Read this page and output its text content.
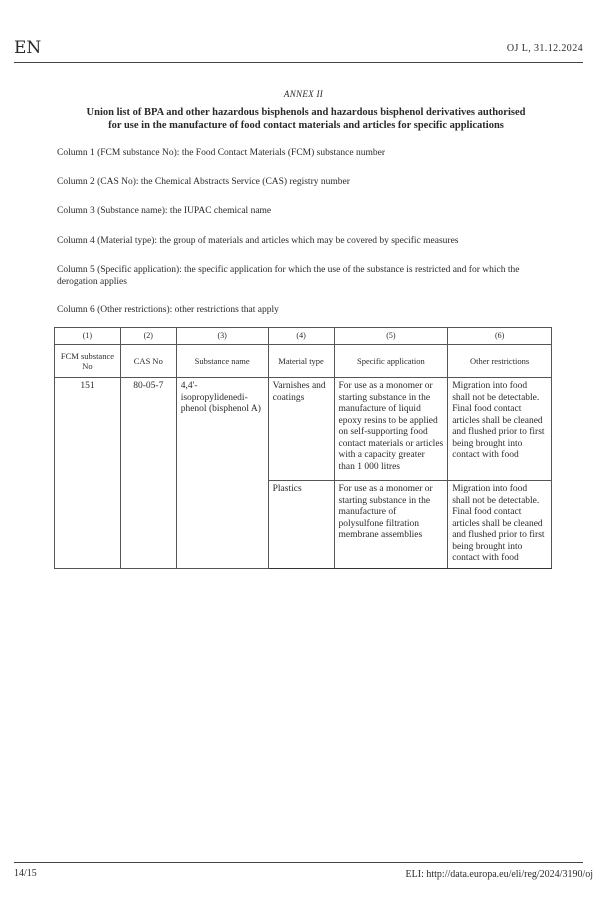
EN	OJ L, 31.12.2024
ANNEX II
Union list of BPA and other hazardous bisphenols and hazardous bisphenol derivatives authorised
for use in the manufacture of food contact materials and articles for specific applications
Column 1 (FCM substance No): the Food Contact Materials (FCM) substance number
Column 2 (CAS No): the Chemical Abstracts Service (CAS) registry number
Column 3 (Substance name): the IUPAC chemical name
Column 4 (Material type): the group of materials and articles which may be covered by specific measures
Column 5 (Specific application): the specific application for which the use of the substance is restricted and for which the derogation applies
Column 6 (Other restrictions): other restrictions that apply
(1)	(2)	(3)	(4)	(5)	(6)
FCM substance No	CAS No	Substance name	Material type	Specific application	Other restrictions
151	80-05-7	4,4'-isopropylidenedi-phenol (bisphenol A)	Varnishes and coatings	For use as a monomer or starting substance in the manufacture of liquid epoxy resins to be applied on self-supporting food contact materials or articles with a capacity greater than 1 000 litres	Migration into food shall not be detectable. Final food contact articles shall be cleaned and flushed prior to first being brought into contact with food
			Plastics	For use as a monomer or starting substance in the manufacture of polysulfone filtration membrane assemblies	Migration into food shall not be detectable. Final food contact articles shall be cleaned and flushed prior to first being brought into contact with food
14/15	ELI: http://data.europa.eu/eli/reg/2024/3190/oj
